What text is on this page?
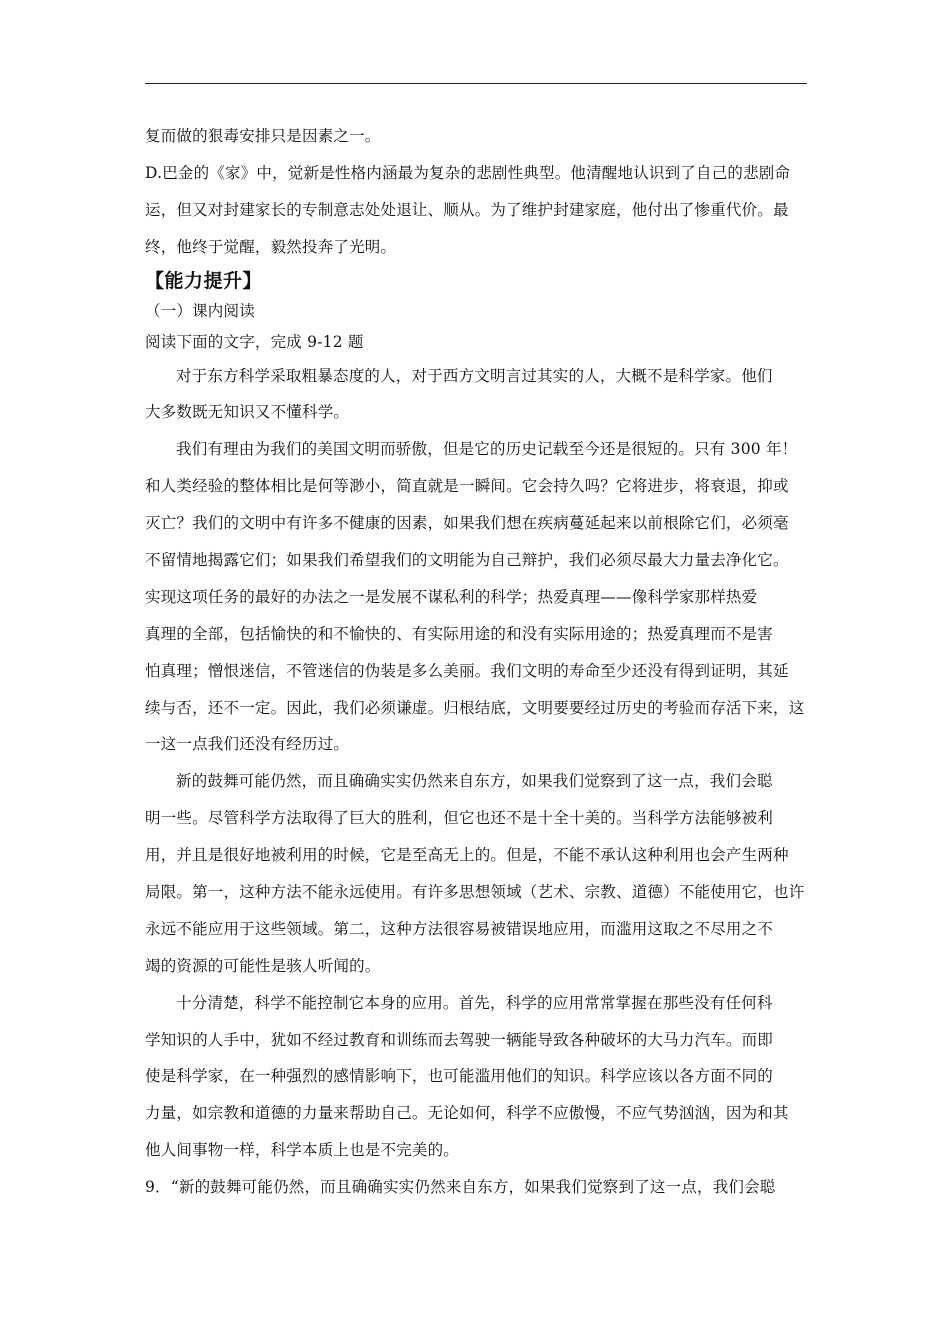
复而做的狠毒安排只是因素之一。
D.巴金的《家》中，觉新是性格内涵最为复杂的悲剧性典型。他清醒地认识到了自己的悲剧命
运，但又对封建家长的专制意志处处退让、顺从。为了维护封建家庭，他付出了惨重代价。最
终，他终于觉醒，毅然投奔了光明。
【能力提升】
（一）课内阅读
阅读下面的文字，完成 9-12 题
对于东方科学采取粗暴态度的人，对于西方文明言过其实的人，大概不是科学家。他们
大多数既无知识又不懂科学。
我们有理由为我们的美国文明而骄傲，但是它的历史记载至今还是很短的。只有 300 年！
和人类经验的整体相比是何等渺小，简直就是一瞬间。它会持久吗？它将进步，将衰退，抑或
灭亡？我们的文明中有许多不健康的因素，如果我们想在疾病蔓延起来以前根除它们，必须毫
不留情地揭露它们；如果我们希望我们的文明能为自己辩护，我们必须尽最大力量去净化它。
实现这项任务的最好的办法之一是发展不谋私利的科学；热爱真理——像科学家那样热爱
真理的全部，包括愉快的和不愉快的、有实际用途的和没有实际用途的；热爱真理而不是害
怕真理；憎恨迷信，不管迷信的伪装是多么美丽。我们文明的寿命至少还没有得到证明，其延
续与否，还不一定。因此，我们必须谦虚。归根结底，文明要要经过历史的考验而存活下来，这
一这一点我们还没有经历过。
新的鼓舞可能仍然，而且确确实实仍然来自东方，如果我们觉察到了这一点，我们会聪
明一些。尽管科学方法取得了巨大的胜利，但它也还不是十全十美的。当科学方法能够被利
用，并且是很好地被利用的时候，它是至高无上的。但是，不能不承认这种利用也会产生两种
局限。第一，这种方法不能永远使用。有许多思想领域（艺术、宗教、道德）不能使用它，也许
永远不能应用于这些领域。第二，这种方法很容易被错误地应用，而滥用这取之不尽用之不
竭的资源的可能性是骇人听闻的。
十分清楚，科学不能控制它本身的应用。首先，科学的应用常常掌握在那些没有任何科
学知识的人手中，犹如不经过教育和训练而去驾驶一辆能导致各种破坏的大马力汽车。而即
使是科学家，在一种强烈的感情影响下，也可能滥用他们的知识。科学应该以各方面不同的
力量，如宗教和道德的力量来帮助自己。无论如何，科学不应傲慢，不应气势汹汹，因为和其
他人间事物一样，科学本质上也是不完美的。
9．“新的鼓舞可能仍然，而且确确实实仍然来自东方，如果我们觉察到了这一点，我们会聪
